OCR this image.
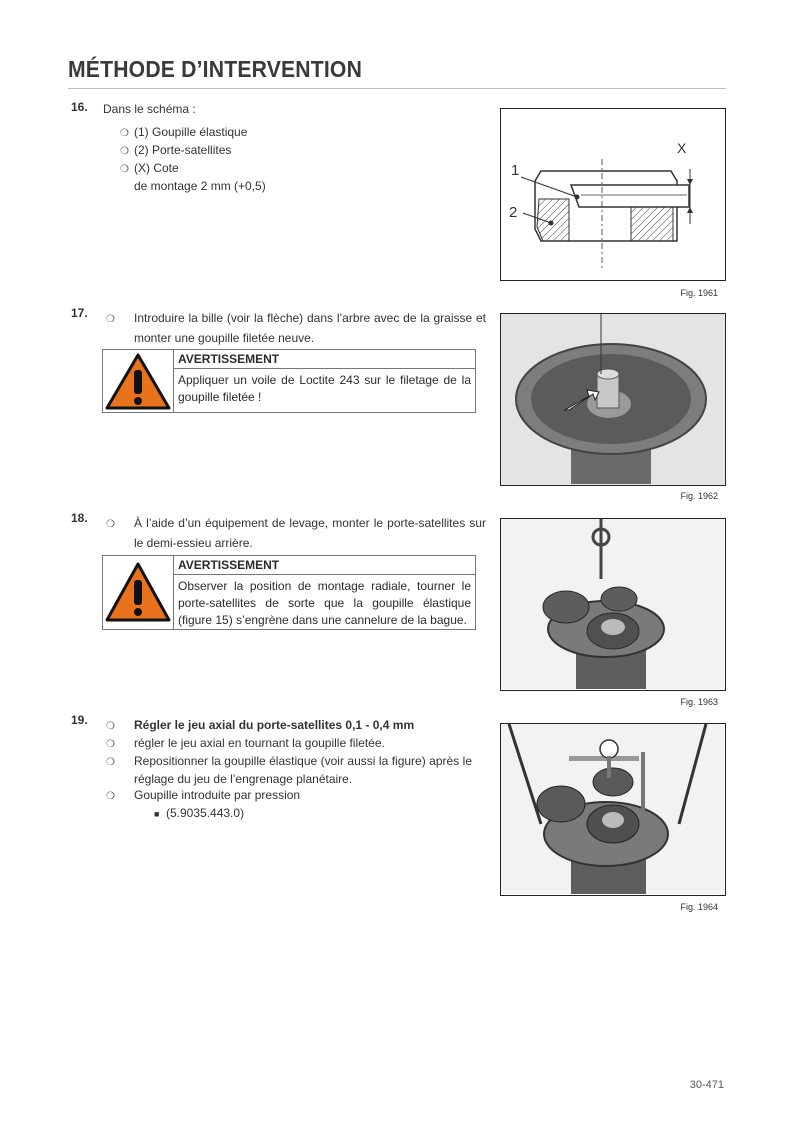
MÉTHODE D’INTERVENTION
16. Dans le schéma :
❍ (1) Goupille élastique
❍ (2) Porte-satellites
❍ (X) Cote
de montage 2 mm (+0,5)
X
1
2
Fig. 1961
17. ❍ Introduire la bille (voir la flèche) dans l’arbre avec de la graisse et monter une goupille filetée neuve.
AVERTISSEMENT
Appliquer un voile de Loctite 243 sur le filetage de la goupille filetée !
Fig. 1962
18. ❍ À l’aide d’un équipement de levage, monter le porte-satellites sur le demi-essieu arrière.
AVERTISSEMENT
Observer la position de montage radiale, tourner le porte-satellites de sorte que la goupille élastique (figure 15) s’engrène dans une cannelure de la bague.
Fig. 1963
19. ❍ Régler le jeu axial du porte-satellites 0,1 - 0,4 mm
❍ régler le jeu axial en tournant la goupille filetée.
❍ Repositionner la goupille élastique (voir aussi la figure) après le réglage du jeu de l’engrenage planétaire.
❍ Goupille introduite par pression
■ (5.9035.443.0)
Fig. 1964
30-471
